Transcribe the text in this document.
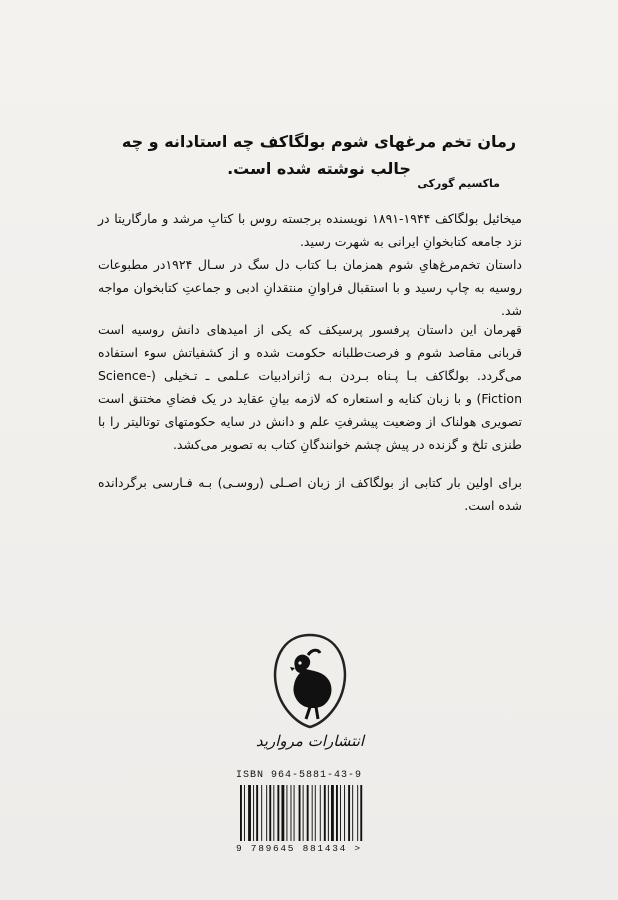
رمان تخم مرغهای شوم بولگاکف چه استادانه و چه جالب نوشته شده است.
ماکسیم گورکی
میخائیل بولگاکف ۱۹۴۴-۱۸۹۱ نویسنده برجسته روس با کتابِ مرشد و مارگاریتا در نزد جامعه کتابخوانِ ایرانی به شهرت رسید.
داستان تخم‌مرغ‌هایِ شوم همزمان بـا کتاب دل سگ در سـال ۱۹۲۴در مطبوعات روسیه به چاپ رسید و با استقبال فراوانِ منتقدانِ ادبی و جماعتِ کتابخوان مواجه شد.
قهرمان این داستان پرفسور پرسیکف که یکی از امیدهای دانش روسیه است قربانی مقاصد شوم و فرصت‌طلبانه حکومت شده و از کشفیاتش سوء استفاده می‌گردد. بولگاکف بـا پـناه بـردن بـه ژانرادبیات عـلمی ـ تـخیلی (Science-Fiction) و با زبان کنایه و استعاره که لازمه بیانِ عقاید در یک فضایِ مختنق است تصویری هولناک از وضعیت پیشرفتِ علم و دانش در سایه حکومتهای توتالیتر را با طنزی تلخ و گزنده در پیش چشم خوانندگانِ کتاب به تصویر می‌کشد.
برای اولین بار کتابی از بولگاکف از زبان اصـلی (روسـی) بـه فـارسی برگردانده شده است.
انتشارات مروارید
ISBN 964-5881-43-9
9 789645 881434 >
